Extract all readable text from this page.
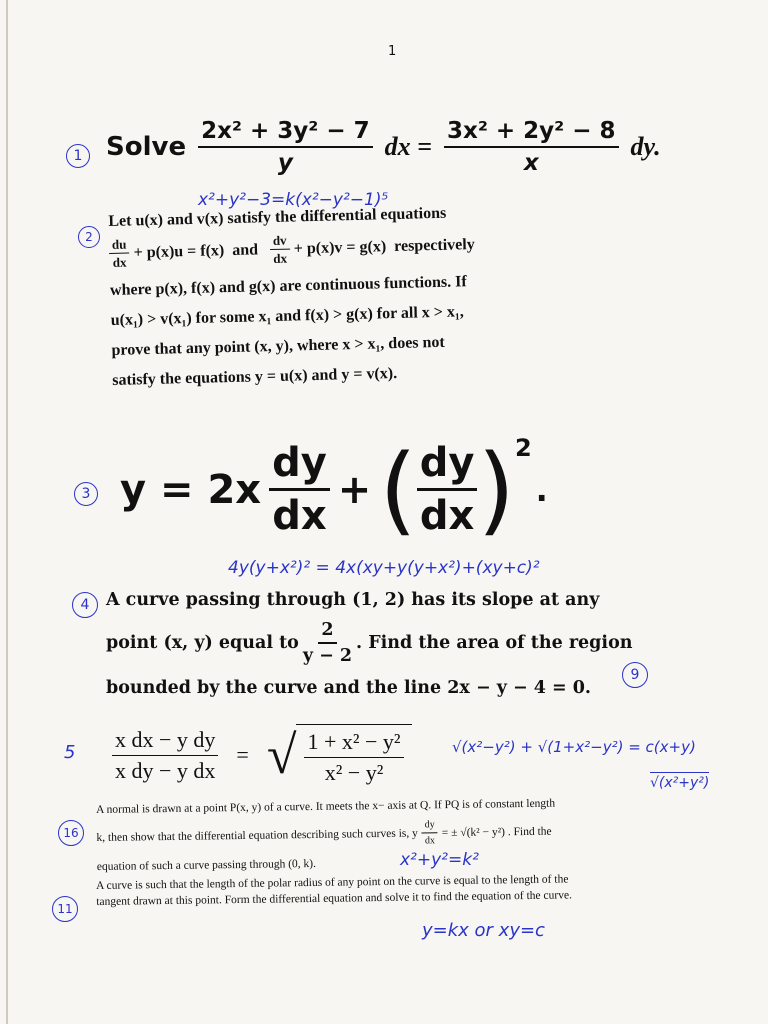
1
1 Solve $\frac{\text{2x² + 3y² − 7}}{y}$ dx = $\frac{\text{3x² + 2y² − 8}}{x}$ dy.
x²+y²−3=k(x²−y²−1)⁵
2
Let u(x) and v(x) satisfy the differential equations
$\frac{du}{dx} + p(x)u = f(x)$  and $\frac{dv}{dx} + p(x)v = g(x)$  respectively
where p(x), f(x) and g(x) are continuous functions. If
u(x₁) > v(x₁) for some x₁ and f(x) > g(x) for all x > x₁,
prove that any point (x, y), where x > x₁, does not
satisfy the equations y = u(x) and y = v(x).
3 $y = 2x \frac{dy}{dx}$ + ( $\frac{dy}{dx}$ ) 2
.
4y(y+x²)² = 4x(xy+y(y+x²)+(xy+c)²
4 A curve passing through (1, 2) has its slope at any
point (x, y) equal to $\frac{2}{y - 2}$ . Find the area of the region
bounded by the curve and the line 2x − y − 4 = 0.
9
$5 \frac{\text{x dx − y dy}}{\text{x dy − y dx}}$ = √ $\frac{\text{1 + x² − y²}}{\text{x² − y²}}$	√(x²−y²) + √(1+x²−y²) = c(x+y)
√(x²+y²)
16
A normal is drawn at a point P(x, y) of a curve. It meets the x− axis at Q. If PQ is of constant length
k, then show that the differential equation describing such curves is, y $\frac{dy}{dx}$ = ± √(k² − y²) . Find the
equation of such a curve passing through (0, k).	x²+y²=k²
11
A curve is such that the length of the polar radius of any point on the curve is equal to the length of the
tangent drawn at this point. Form the differential equation and solve it to find the equation of the curve.
y=kx or xy=c
